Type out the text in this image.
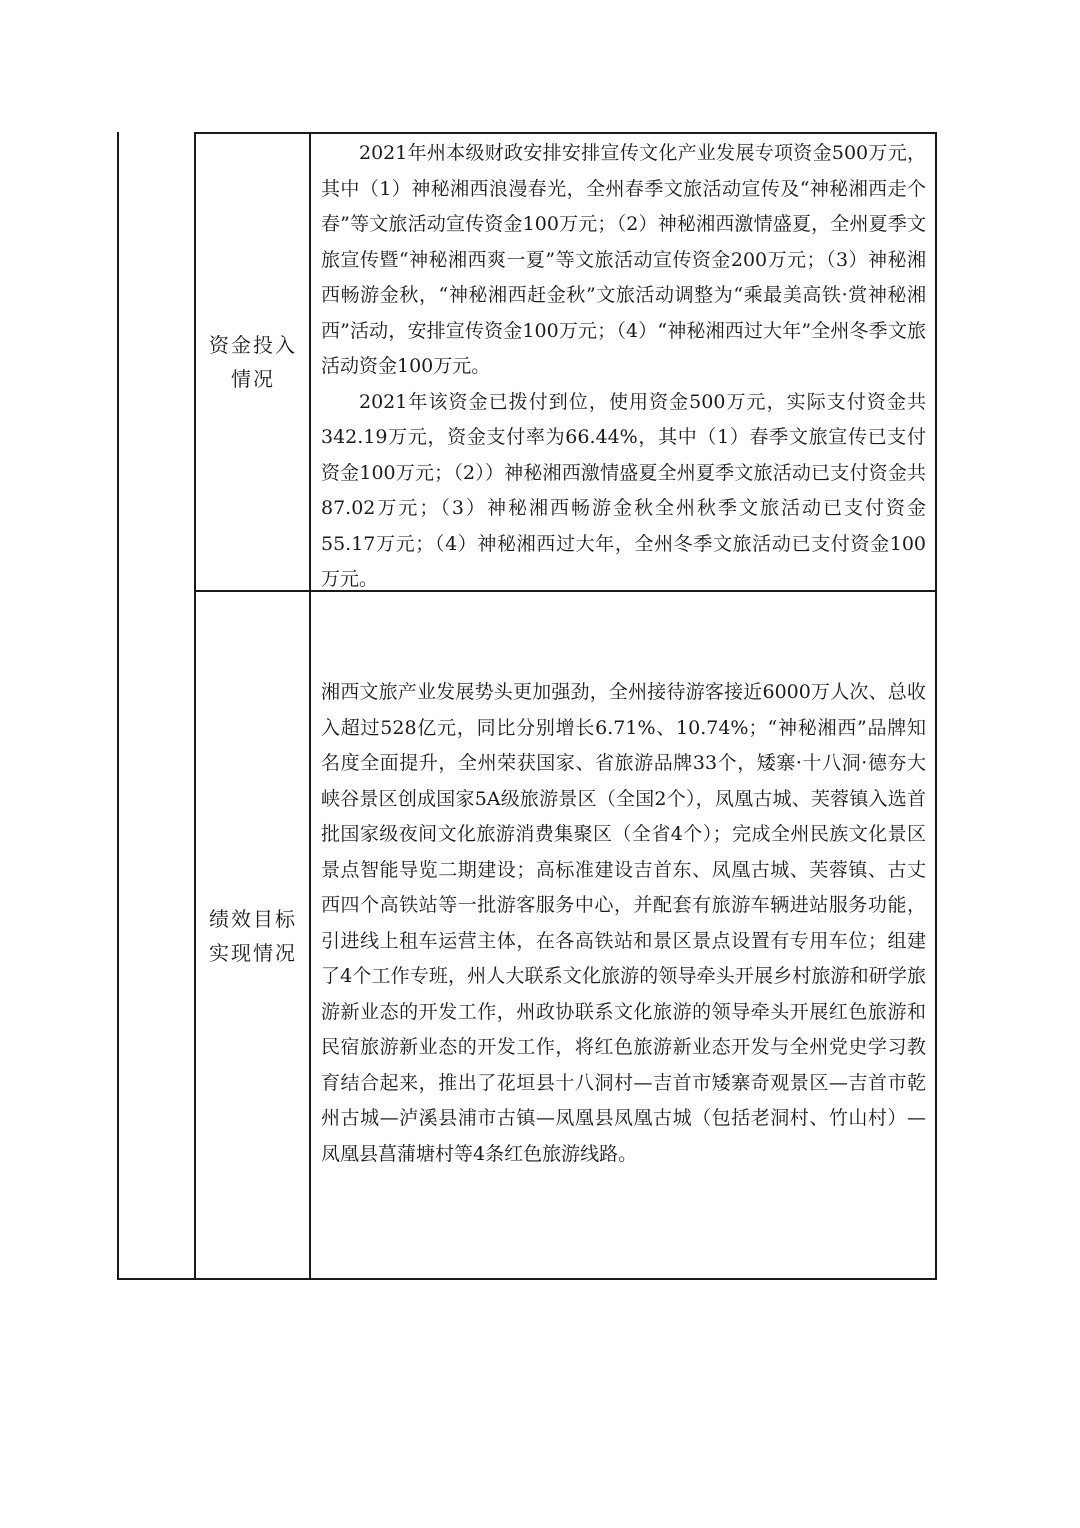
资金投入
情况

2021年州本级财政安排安排宣传文化产业发展专项资金500万元，其中（1）神秘湘西浪漫春光，全州春季文旅活动宣传及“神秘湘西走个春”等文旅活动宣传资金100万元；（2）神秘湘西激情盛夏，全州夏季文旅宣传暨“神秘湘西爽一夏”等文旅活动宣传资金200万元；（3）神秘湘西畅游金秋，“神秘湘西赶金秋”文旅活动调整为“乘最美高铁·赏神秘湘西”活动，安排宣传资金100万元；（4）“神秘湘西过大年”全州冬季文旅活动资金100万元。

2021年该资金已拨付到位，使用资金500万元，实际支付资金共342.19万元，资金支付率为66.44%，其中（1）春季文旅宣传已支付资金100万元；（2））神秘湘西激情盛夏全州夏季文旅活动已支付资金共87.02万元；（3）神秘湘西畅游金秋全州秋季文旅活动已支付资金55.17万元；（4）神秘湘西过大年，全州冬季文旅活动已支付资金100万元。

绩效目标
实现情况

湘西文旅产业发展势头更加强劲，全州接待游客接近6000万人次、总收入超过528亿元，同比分别增长6.71%、10.74%；“神秘湘西”品牌知名度全面提升，全州荣获国家、省旅游品牌33个，矮寨·十八洞·德夯大峡谷景区创成国家5A级旅游景区（全国2个），凤凰古城、芙蓉镇入选首批国家级夜间文化旅游消费集聚区（全省4个）；完成全州民族文化景区景点智能导览二期建设；高标准建设吉首东、凤凰古城、芙蓉镇、古丈西四个高铁站等一批游客服务中心，并配套有旅游车辆进站服务功能，引进线上租车运营主体，在各高铁站和景区景点设置有专用车位；组建了4个工作专班，州人大联系文化旅游的领导牵头开展乡村旅游和研学旅游新业态的开发工作，州政协联系文化旅游的领导牵头开展红色旅游和民宿旅游新业态的开发工作，将红色旅游新业态开发与全州党史学习教育结合起来，推出了花垣县十八洞村—吉首市矮寨奇观景区—吉首市乾州古城—泸溪县浦市古镇—凤凰县凤凰古城（包括老洞村、竹山村）—凤凰县菖蒲塘村等4条红色旅游线路。
